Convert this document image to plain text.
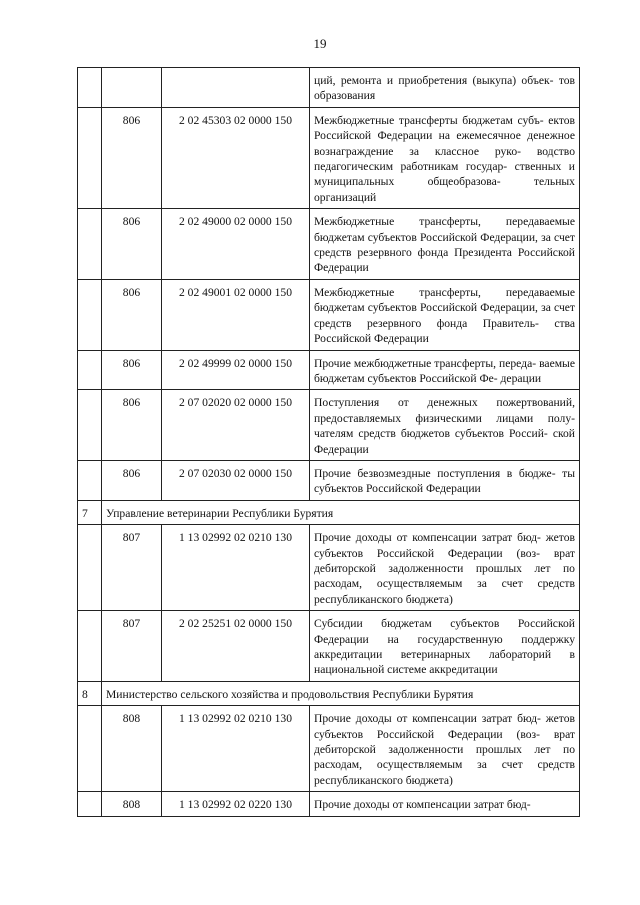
19
			ций, ремонта и приобретения (выкупа) объек- тов образования
	806	2 02 45303 02 0000 150	Межбюджетные трансферты бюджетам субъ- ектов Российской Федерации на ежемесячное денежное вознаграждение за классное руко- водство педагогическим работникам государ- ственных и муниципальных общеобразова- тельных организаций
	806	2 02 49000 02 0000 150	Межбюджетные трансферты, передаваемые бюджетам субъектов Российской Федерации, за счет средств резервного фонда Президента Российской Федерации
	806	2 02 49001 02 0000 150	Межбюджетные трансферты, передаваемые бюджетам субъектов Российской Федерации, за счет средств резервного фонда Правитель- ства Российской Федерации
	806	2 02 49999 02 0000 150	Прочие межбюджетные трансферты, переда- ваемые бюджетам субъектов Российской Фе- дерации
	806	2 07 02020 02 0000 150	Поступления от денежных пожертвований, предоставляемых физическими лицами полу- чателям средств бюджетов субъектов Россий- ской Федерации
	806	2 07 02030 02 0000 150	Прочие безвозмездные поступления в бюдже- ты субъектов Российской Федерации
7	Управление ветеринарии Республики Бурятия		
	807	1 13 02992 02 0210 130	Прочие доходы от компенсации затрат бюд- жетов субъектов Российской Федерации (воз- врат дебиторской задолженности прошлых лет по расходам, осуществляемым за счет средств республиканского бюджета)
	807	2 02 25251 02 0000 150	Субсидии бюджетам субъектов Российской Федерации на государственную поддержку аккредитации ветеринарных лабораторий в национальной системе аккредитации
8	Министерство сельского хозяйства и продовольствия Республики Бурятия		
	808	1 13 02992 02 0210 130	Прочие доходы от компенсации затрат бюд- жетов субъектов Российской Федерации (воз- врат дебиторской задолженности прошлых лет по расходам, осуществляемым за счет средств республиканского бюджета)
	808	1 13 02992 02 0220 130	Прочие доходы от компенсации затрат бюд-
